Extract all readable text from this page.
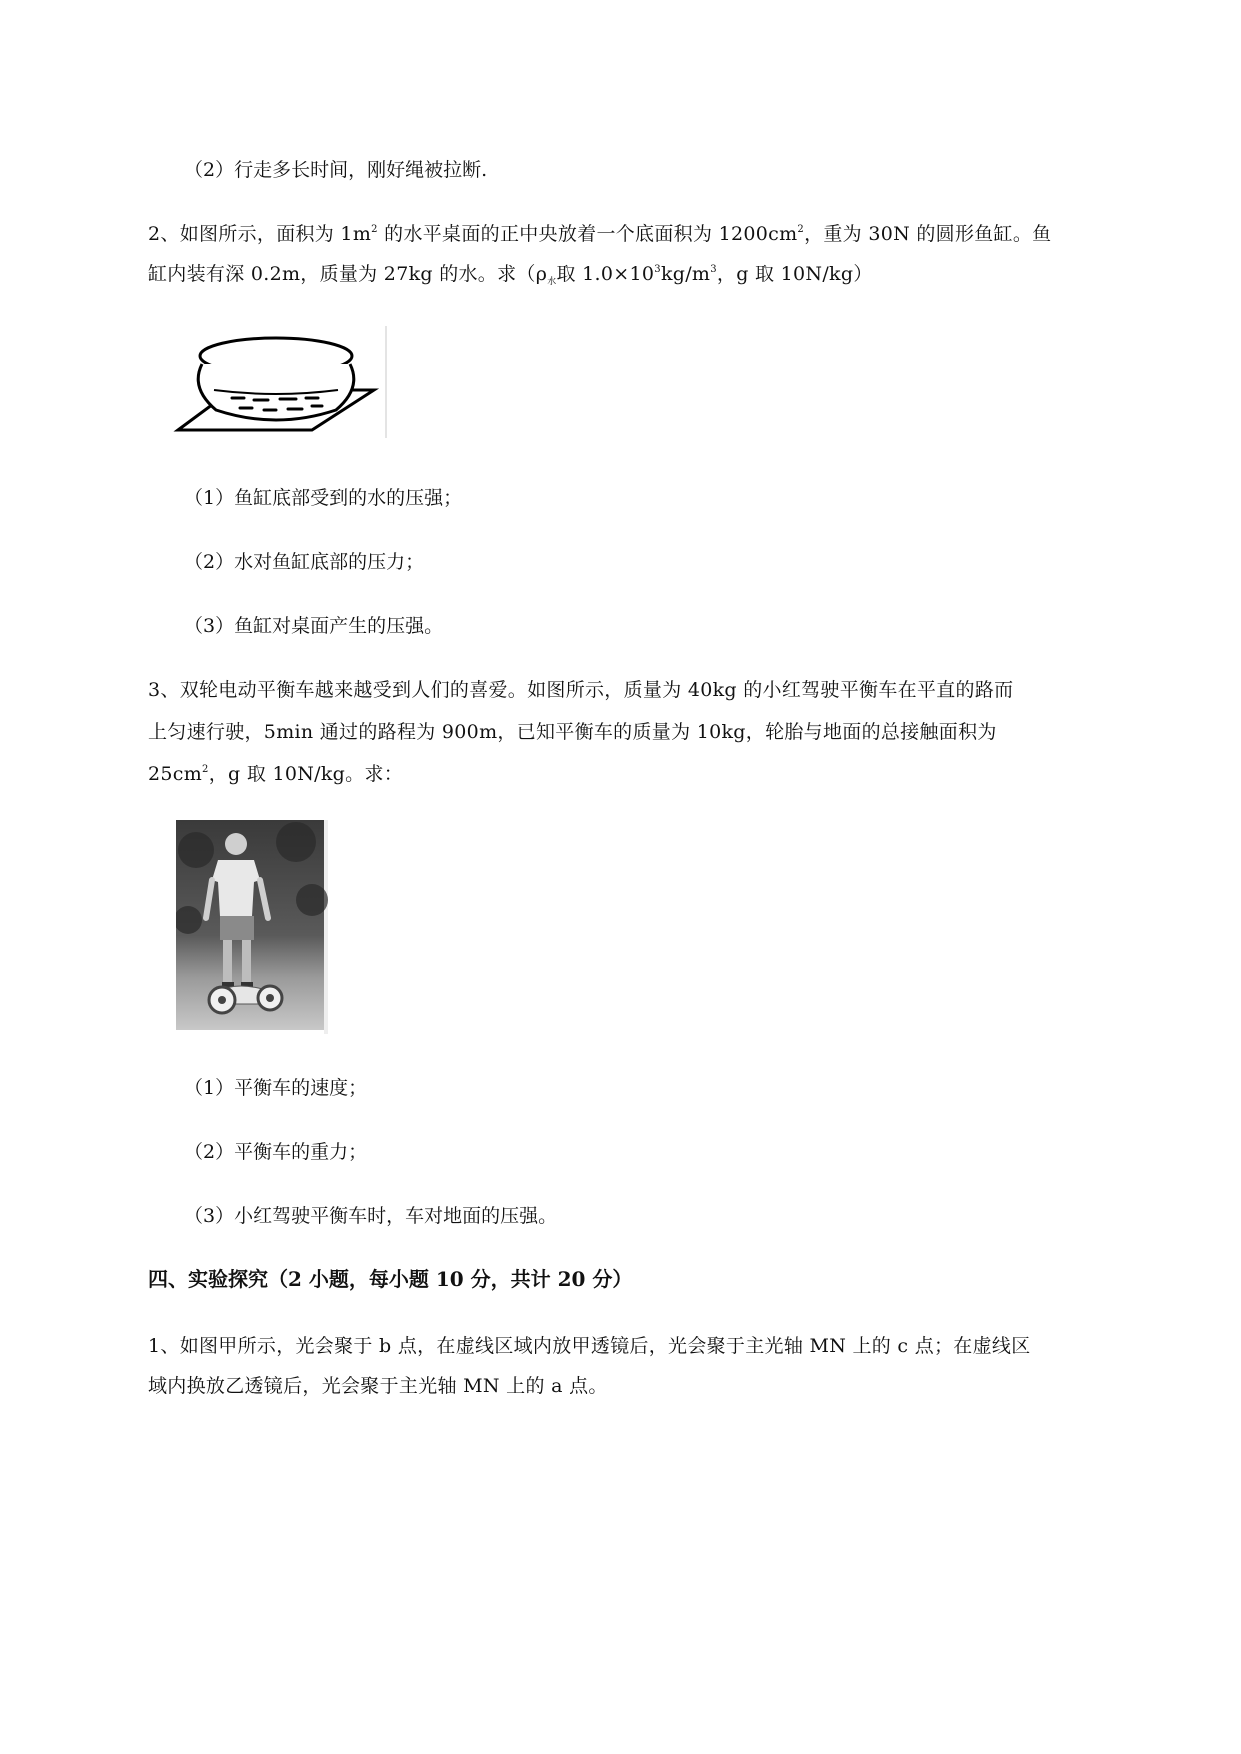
（2）行走多长时间，刚好绳被拉断.
2、如图所示，面积为 $1m^2$ 的水平桌面的正中央放着一个底面积为 $1200cm^2$，重为 30N 的圆形鱼缸。鱼
缸内装有深 0.2m，质量为 27kg 的水。求（$\rho_水$取 $1.0\times 10^3kg/m^3$，g 取 10N/kg）
（1）鱼缸底部受到的水的压强；
（2）水对鱼缸底部的压力；
（3）鱼缸对桌面产生的压强。
3、双轮电动平衡车越来越受到人们的喜爱。如图所示，质量为 40kg 的小红驾驶平衡车在平直的路而
上匀速行驶，5min 通过的路程为 900m，已知平衡车的质量为 10kg，轮胎与地面的总接触面积为
$25cm^2$，g 取 10N/kg。求：
（1）平衡车的速度；
（2）平衡车的重力；
（3）小红驾驶平衡车时，车对地面的压强。
四、实验探究（2 小题，每小题 10 分，共计 20 分）
1、如图甲所示，光会聚于 b 点，在虚线区域内放甲透镜后，光会聚于主光轴 MN 上的 c 点；在虚线区
域内换放乙透镜后，光会聚于主光轴 MN 上的 a 点。
